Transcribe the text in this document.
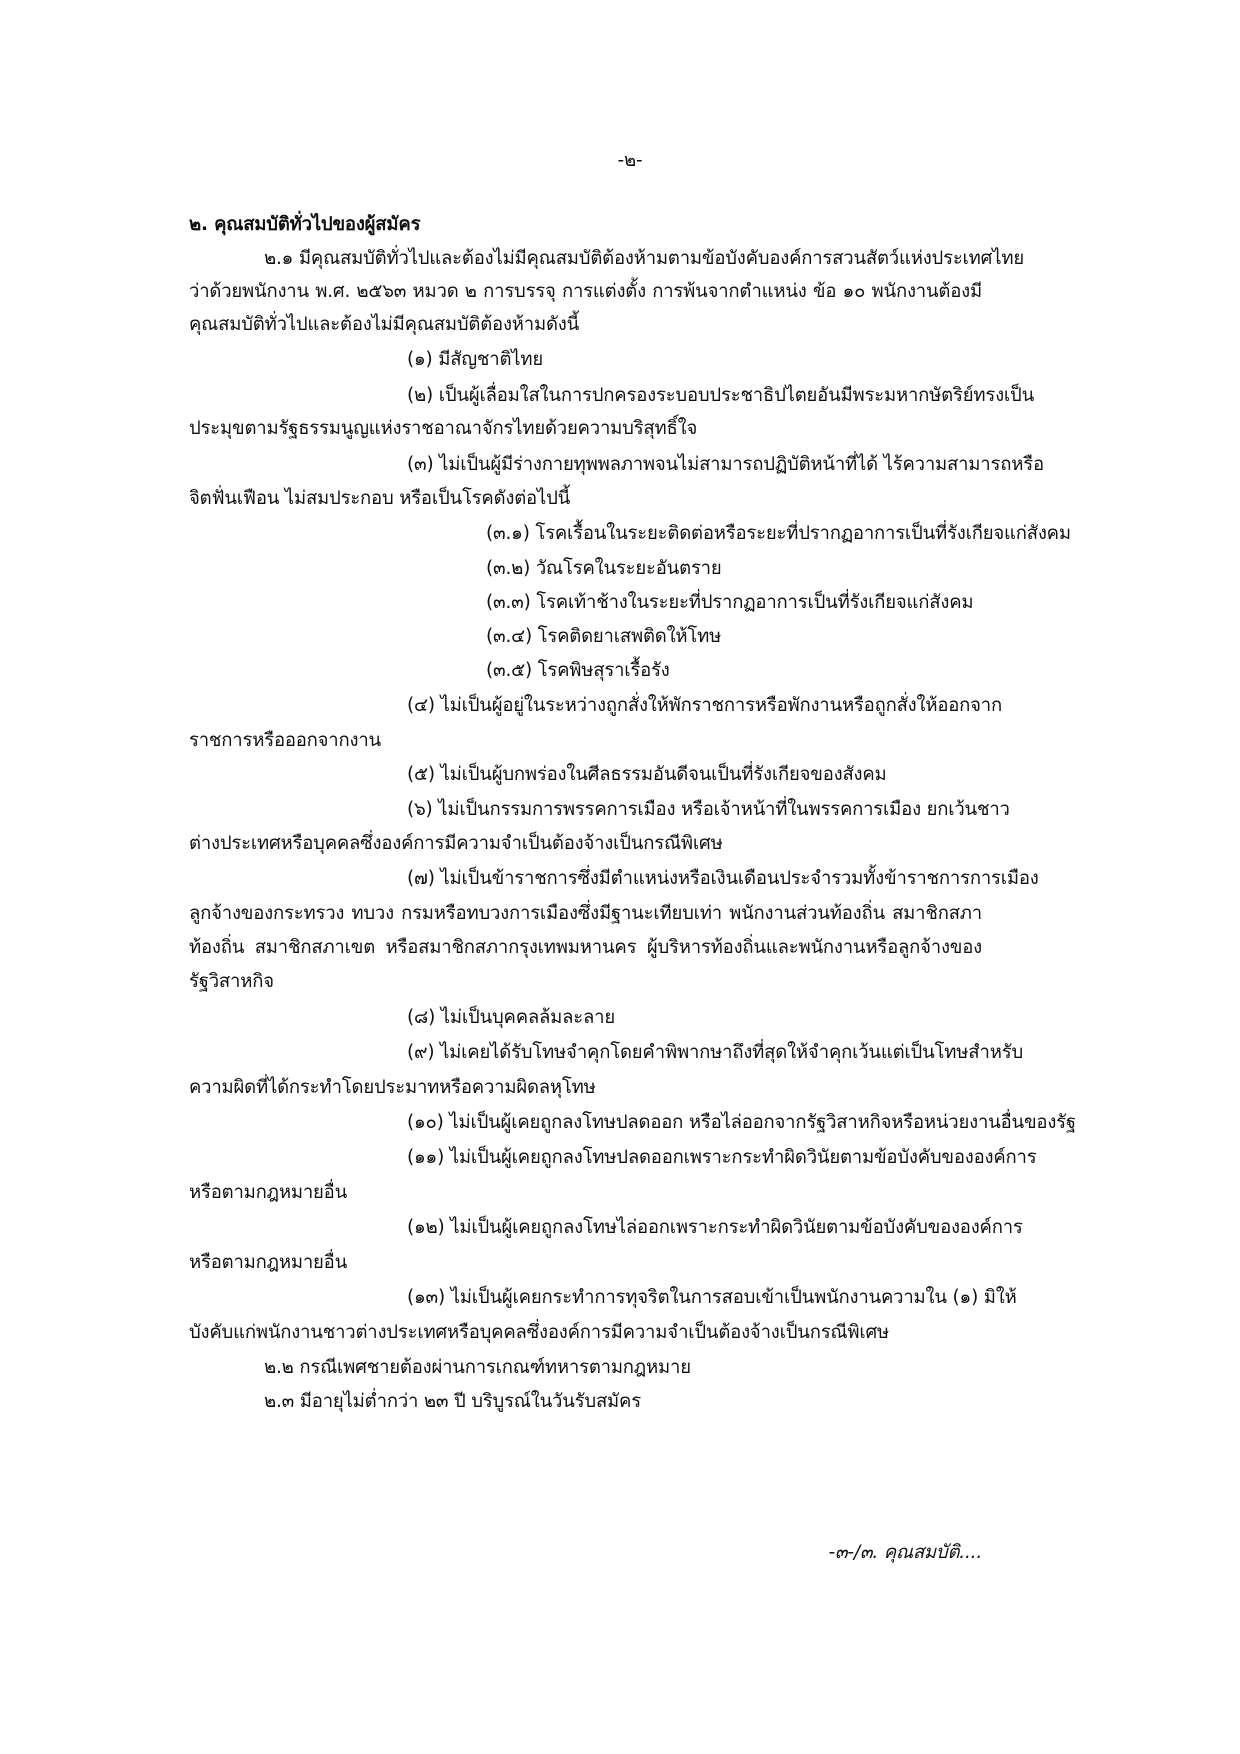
-๒-
๒. คุณสมบัติทั่วไปของผู้สมัคร
๒.๑ มีคุณสมบัติทั่วไปและต้องไม่มีคุณสมบัติต้องห้ามตามข้อบังคับองค์การสวนสัตว์แห่งประเทศไทย
ว่าด้วยพนักงาน พ.ศ. ๒๕๖๓ หมวด ๒ การบรรจุ การแต่งตั้ง การพ้นจากตำแหน่ง ข้อ ๑๐ พนักงานต้องมี
คุณสมบัติทั่วไปและต้องไม่มีคุณสมบัติต้องห้ามดังนี้
(๑) มีสัญชาติไทย
(๒) เป็นผู้เลื่อมใสในการปกครองระบอบประชาธิปไตยอันมีพระมหากษัตริย์ทรงเป็น
ประมุขตามรัฐธรรมนูญแห่งราชอาณาจักรไทยด้วยความบริสุทธิ์ใจ
(๓) ไม่เป็นผู้มีร่างกายทุพพลภาพจนไม่สามารถปฏิบัติหน้าที่ได้ ไร้ความสามารถหรือ
จิตฟั่นเฟือน ไม่สมประกอบ หรือเป็นโรคดังต่อไปนี้
(๓.๑) โรคเรื้อนในระยะติดต่อหรือระยะที่ปรากฏอาการเป็นที่รังเกียจแก่สังคม
(๓.๒) วัณโรคในระยะอันตราย
(๓.๓) โรคเท้าช้างในระยะที่ปรากฏอาการเป็นที่รังเกียจแก่สังคม
(๓.๔) โรคติดยาเสพติดให้โทษ
(๓.๕) โรคพิษสุราเรื้อรัง
(๔) ไม่เป็นผู้อยู่ในระหว่างถูกสั่งให้พักราชการหรือพักงานหรือถูกสั่งให้ออกจาก
ราชการหรือออกจากงาน
(๕) ไม่เป็นผู้บกพร่องในศีลธรรมอันดีจนเป็นที่รังเกียจของสังคม
(๖) ไม่เป็นกรรมการพรรคการเมือง หรือเจ้าหน้าที่ในพรรคการเมือง ยกเว้นชาว
ต่างประเทศหรือบุคคลซึ่งองค์การมีความจำเป็นต้องจ้างเป็นกรณีพิเศษ
(๗) ไม่เป็นข้าราชการซึ่งมีตำแหน่งหรือเงินเดือนประจำรวมทั้งข้าราชการการเมือง
ลูกจ้างของกระทรวง ทบวง กรมหรือทบวงการเมืองซึ่งมีฐานะเทียบเท่า พนักงานส่วนท้องถิ่น สมาชิกสภา
ท้องถิ่น สมาชิกสภาเขต หรือสมาชิกสภากรุงเทพมหานคร ผู้บริหารท้องถิ่นและพนักงานหรือลูกจ้างของ
รัฐวิสาหกิจ
(๘) ไม่เป็นบุคคลล้มละลาย
(๙) ไม่เคยได้รับโทษจำคุกโดยคำพิพากษาถึงที่สุดให้จำคุกเว้นแต่เป็นโทษสำหรับ
ความผิดที่ได้กระทำโดยประมาทหรือความผิดลหุโทษ
(๑๐) ไม่เป็นผู้เคยถูกลงโทษปลดออก หรือไล่ออกจากรัฐวิสาหกิจหรือหน่วยงานอื่นของรัฐ
(๑๑) ไม่เป็นผู้เคยถูกลงโทษปลดออกเพราะกระทำผิดวินัยตามข้อบังคับขององค์การ
หรือตามกฎหมายอื่น
(๑๒) ไม่เป็นผู้เคยถูกลงโทษไล่ออกเพราะกระทำผิดวินัยตามข้อบังคับขององค์การ
หรือตามกฎหมายอื่น
(๑๓) ไม่เป็นผู้เคยกระทำการทุจริตในการสอบเข้าเป็นพนักงานความใน (๑) มิให้
บังคับแก่พนักงานชาวต่างประเทศหรือบุคคลซึ่งองค์การมีความจำเป็นต้องจ้างเป็นกรณีพิเศษ
๒.๒ กรณีเพศชายต้องผ่านการเกณฑ์ทหารตามกฎหมาย
๒.๓ มีอายุไม่ต่ำกว่า ๒๓ ปี บริบูรณ์ในวันรับสมัคร
-๓-/๓. คุณสมบัติ....
